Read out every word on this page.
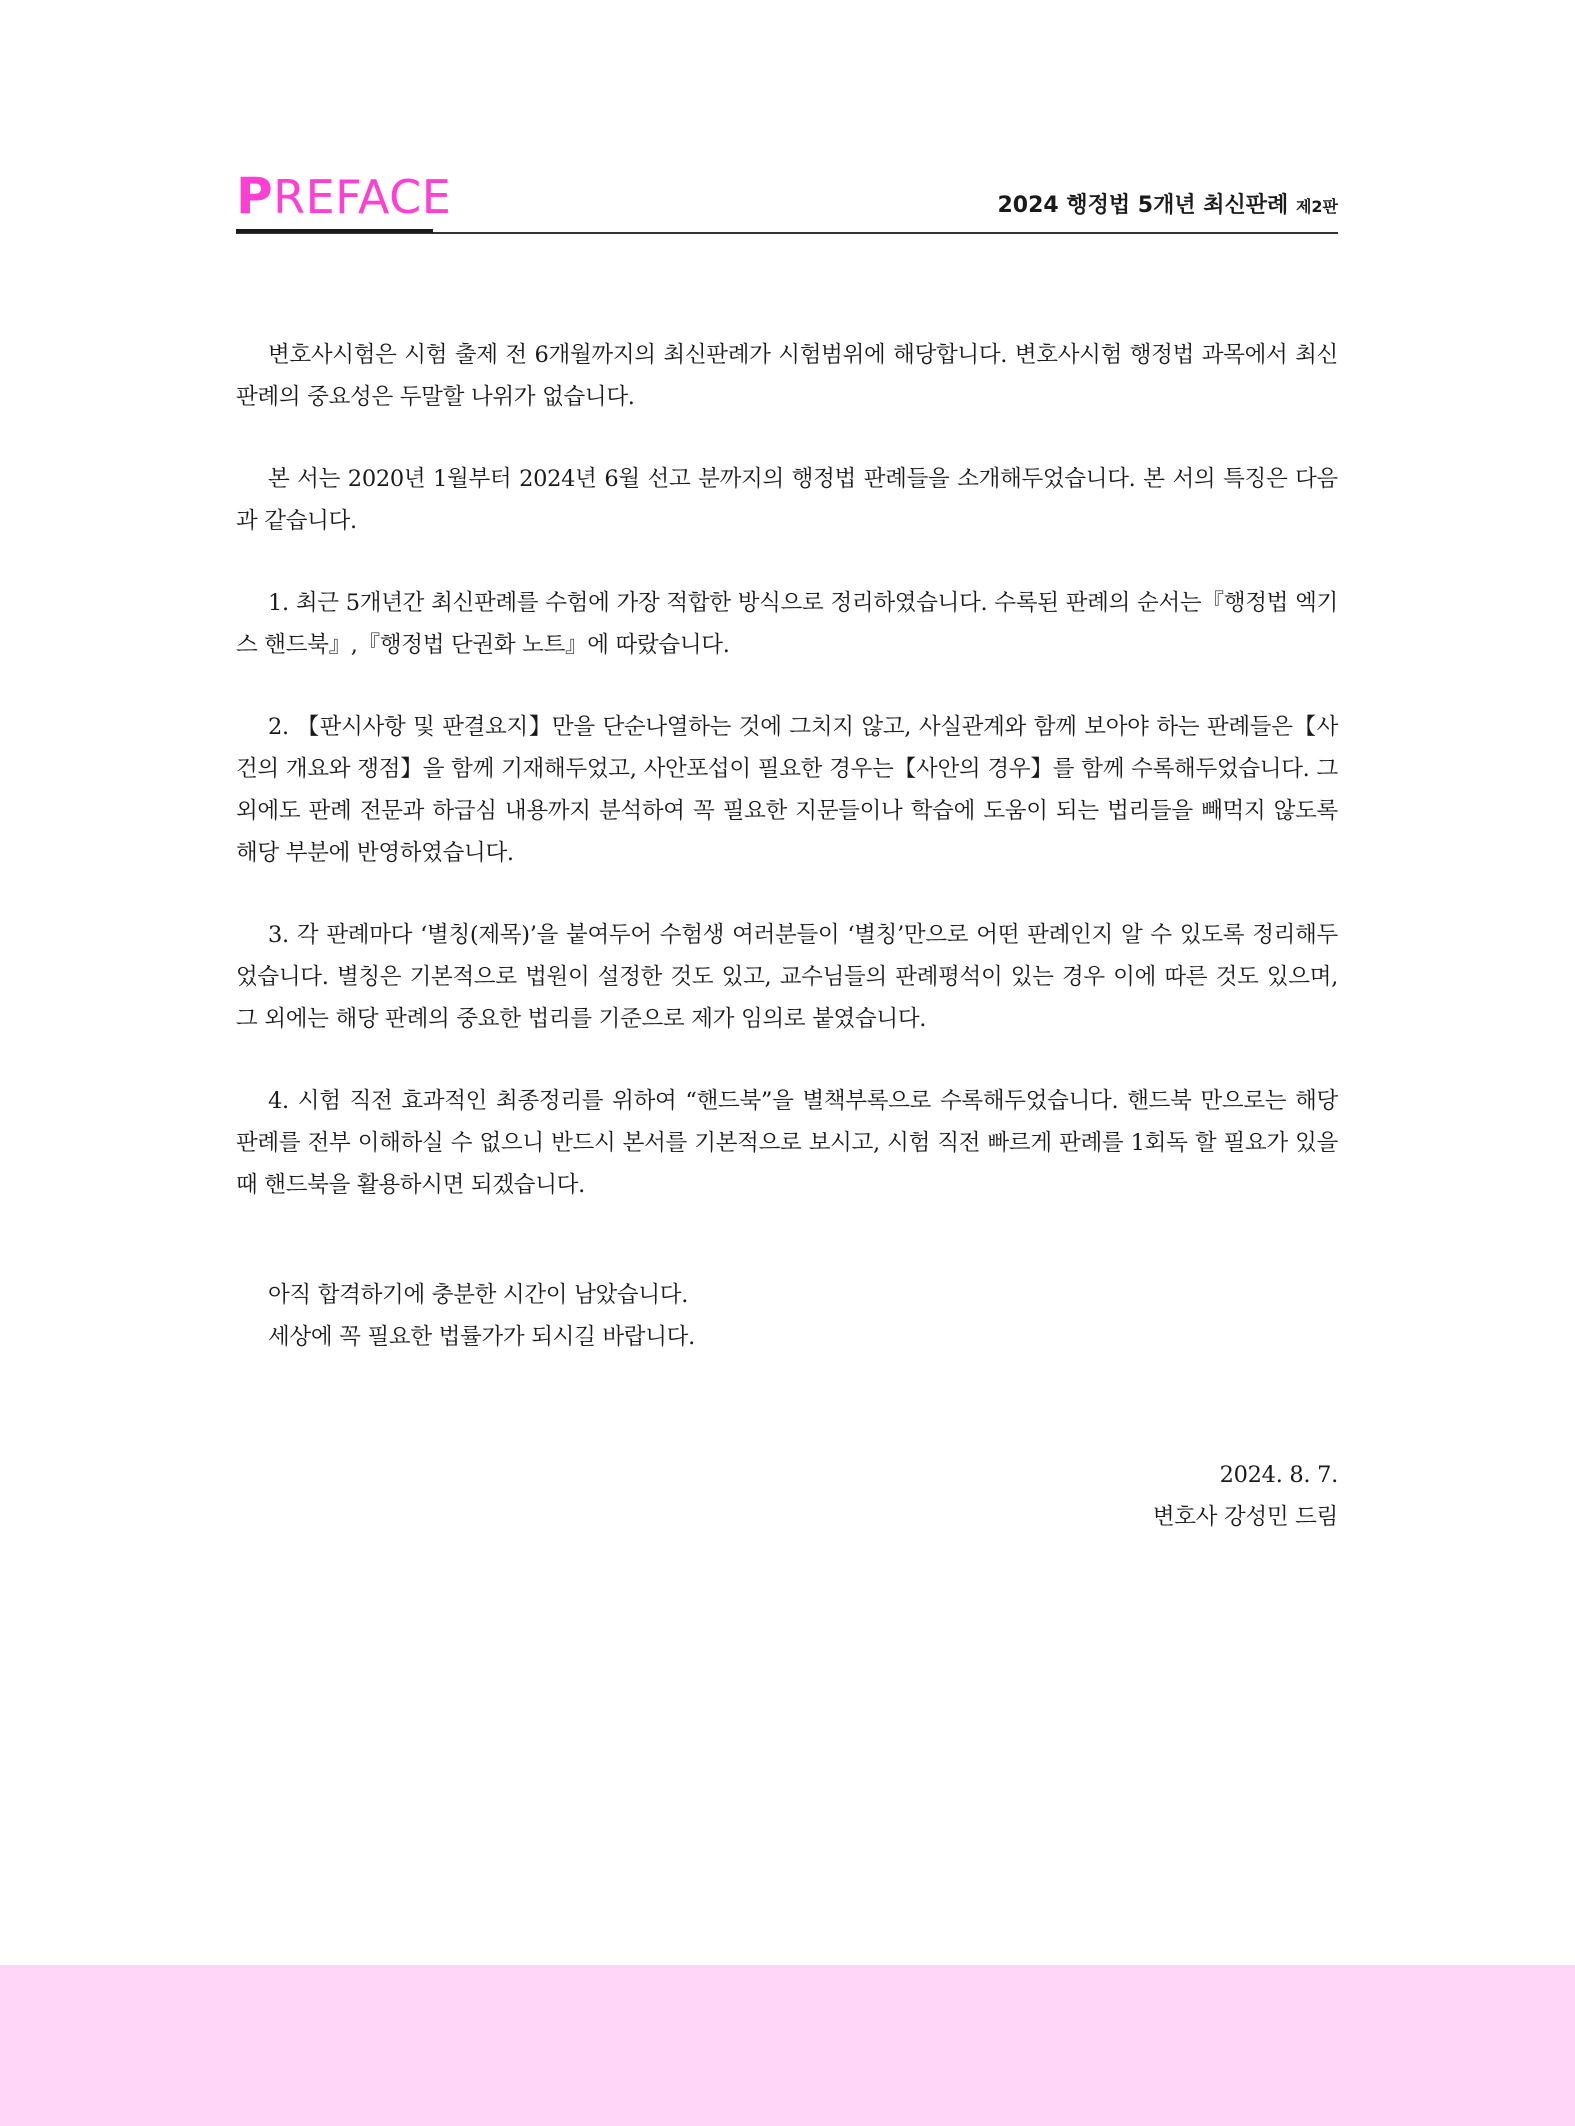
PREFACE	2024 행정법 5개년 최신판례 제2판

변호사시험은 시험 출제 전 6개월까지의 최신판례가 시험범위에 해당합니다. 변호사시험 행정법 과목에서 최신판례의 중요성은 두말할 나위가 없습니다.

본 서는 2020년 1월부터 2024년 6월 선고 분까지의 행정법 판례들을 소개해두었습니다. 본 서의 특징은 다음과 같습니다.

1. 최근 5개년간 최신판례를 수험에 가장 적합한 방식으로 정리하였습니다. 수록된 판례의 순서는『행정법 엑기스 핸드북』,『행정법 단권화 노트』에 따랐습니다.

2. 【판시사항 및 판결요지】만을 단순나열하는 것에 그치지 않고, 사실관계와 함께 보아야 하는 판례들은【사건의 개요와 쟁점】을 함께 기재해두었고, 사안포섭이 필요한 경우는【사안의 경우】를 함께 수록해두었습니다. 그 외에도 판례 전문과 하급심 내용까지 분석하여 꼭 필요한 지문들이나 학습에 도움이 되는 법리들을 빼먹지 않도록 해당 부분에 반영하였습니다.

3. 각 판례마다 ‘별칭(제목)’을 붙여두어 수험생 여러분들이 ‘별칭’만으로 어떤 판례인지 알 수 있도록 정리해두었습니다. 별칭은 기본적으로 법원이 설정한 것도 있고, 교수님들의 판례평석이 있는 경우 이에 따른 것도 있으며, 그 외에는 해당 판례의 중요한 법리를 기준으로 제가 임의로 붙였습니다.

4. 시험 직전 효과적인 최종정리를 위하여 “핸드북”을 별책부록으로 수록해두었습니다. 핸드북 만으로는 해당 판례를 전부 이해하실 수 없으니 반드시 본서를 기본적으로 보시고, 시험 직전 빠르게 판례를 1회독 할 필요가 있을 때 핸드북을 활용하시면 되겠습니다.

아직 합격하기에 충분한 시간이 남았습니다.
세상에 꼭 필요한 법률가가 되시길 바랍니다.
2024. 8. 7.
변호사 강성민 드림
